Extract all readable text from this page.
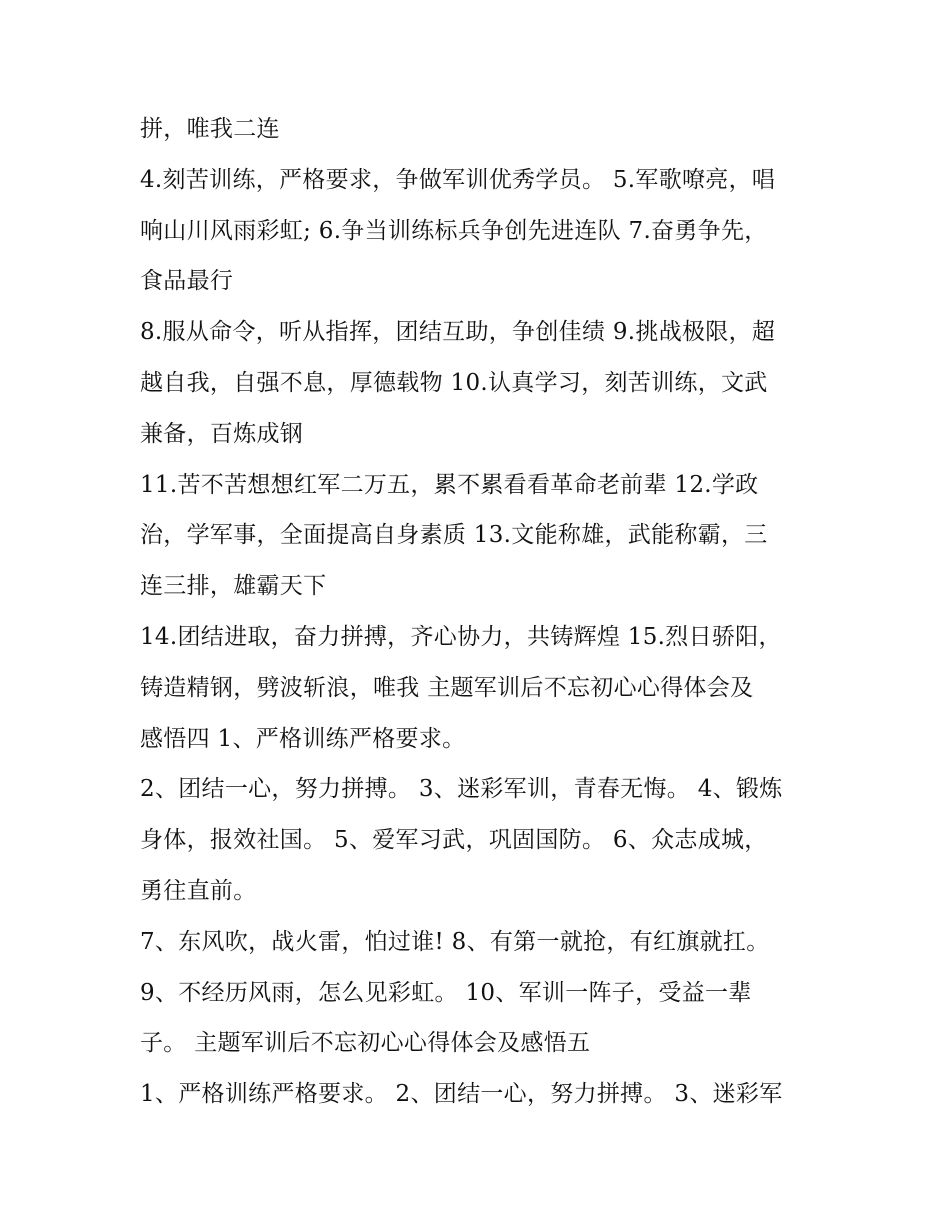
拼，唯我二连
4.刻苦训练，严格要求，争做军训优秀学员。 5.军歌嘹亮，唱
响山川风雨彩虹; 6.争当训练标兵争创先进连队 7.奋勇争先，
食品最行
8.服从命令，听从指挥，团结互助，争创佳绩 9.挑战极限，超
越自我，自强不息，厚德载物 10.认真学习，刻苦训练，文武
兼备，百炼成钢
11.苦不苦想想红军二万五，累不累看看革命老前辈 12.学政
治，学军事，全面提高自身素质 13.文能称雄，武能称霸，三
连三排，雄霸天下
14.团结进取，奋力拼搏，齐心协力，共铸辉煌 15.烈日骄阳，
铸造精钢，劈波斩浪，唯我 主题军训后不忘初心心得体会及
感悟四 1、严格训练严格要求。
2、团结一心，努力拼搏。 3、迷彩军训，青春无悔。 4、锻炼
身体，报效社国。 5、爱军习武，巩固国防。 6、众志成城，
勇往直前。
7、东风吹，战火雷，怕过谁! 8、有第一就抢，有红旗就扛。
9、不经历风雨，怎么见彩虹。 10、军训一阵子，受益一辈
子。 主题军训后不忘初心心得体会及感悟五
1、严格训练严格要求。 2、团结一心，努力拼搏。 3、迷彩军
